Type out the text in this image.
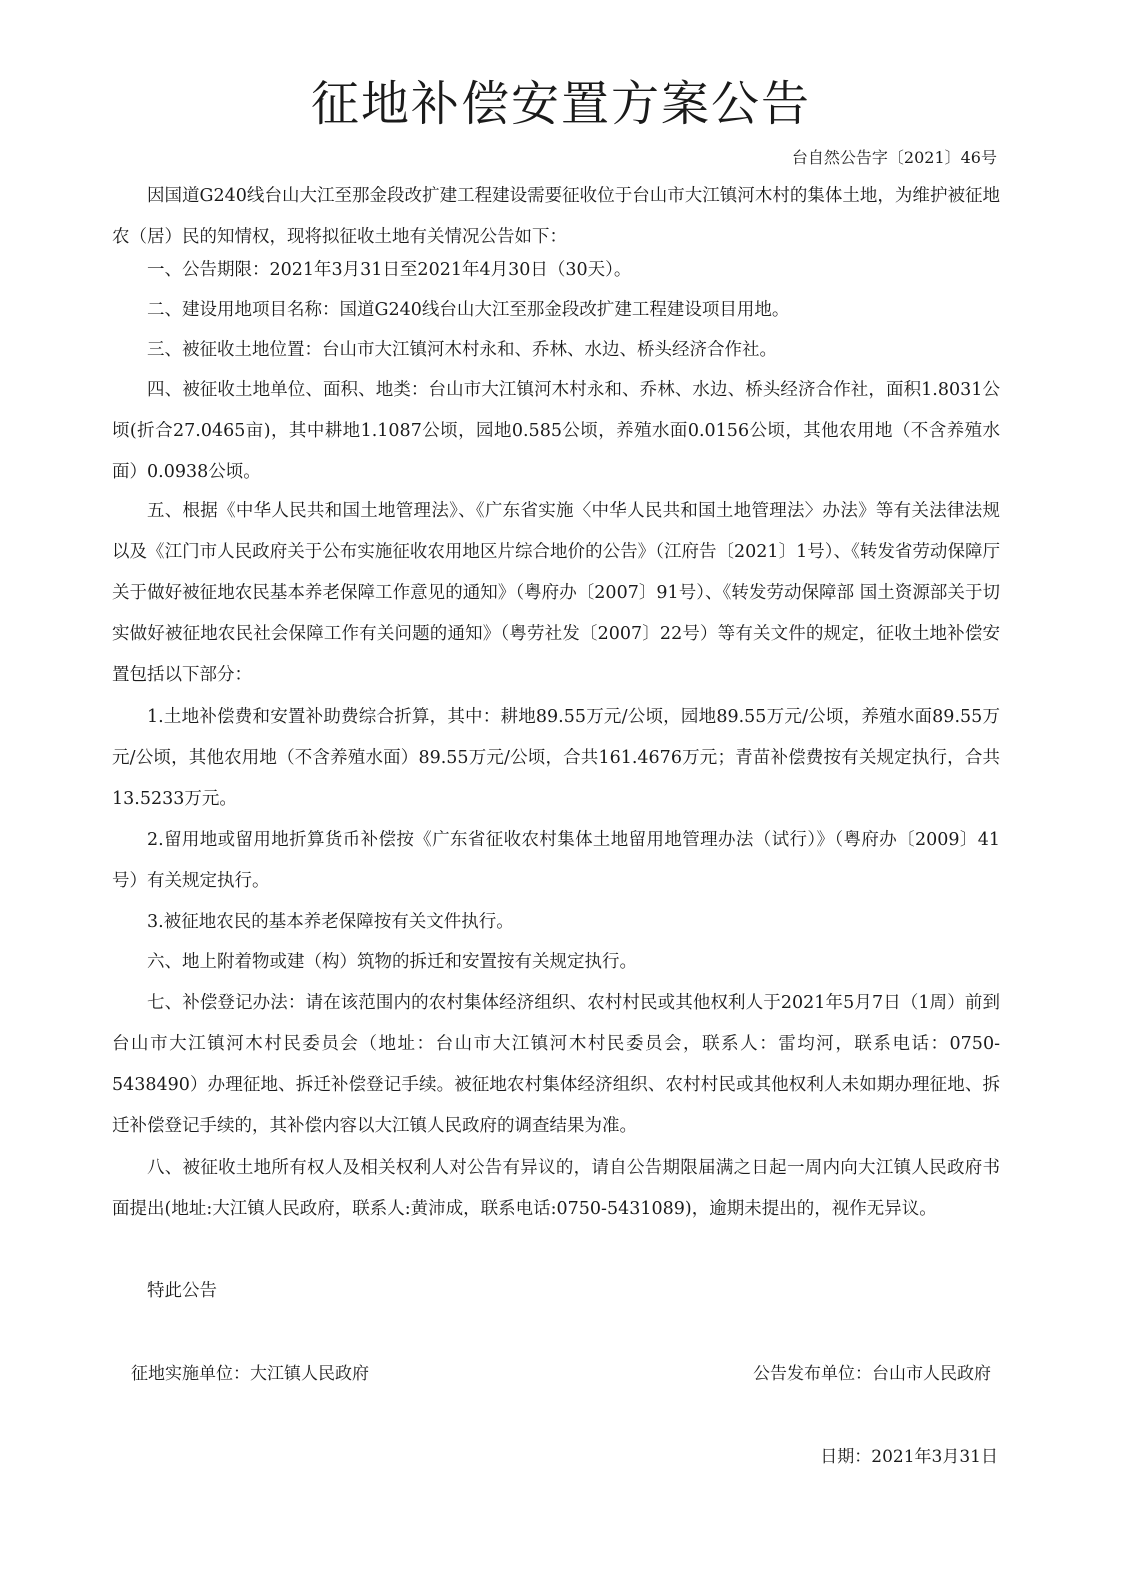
征地补偿安置方案公告
台自然公告字〔2021〕46号

因国道G240线台山大江至那金段改扩建工程建设需要征收位于台山市大江镇河木村的集体土地，为维护被征地农（居）民的知情权，现将拟征收土地有关情况公告如下：

一、公告期限：2021年3月31日至2021年4月30日（30天）。

二、建设用地项目名称：国道G240线台山大江至那金段改扩建工程建设项目用地。

三、被征收土地位置：台山市大江镇河木村永和、乔林、水边、桥头经济合作社。

四、被征收土地单位、面积、地类：台山市大江镇河木村永和、乔林、水边、桥头经济合作社，面积1.8031公顷(折合27.0465亩)，其中耕地1.1087公顷，园地0.585公顷，养殖水面0.0156公顷，其他农用地（不含养殖水面）0.0938公顷。

五、根据《中华人民共和国土地管理法》、《广东省实施〈中华人民共和国土地管理法〉办法》等有关法律法规以及《江门市人民政府关于公布实施征收农用地区片综合地价的公告》（江府告〔2021〕1号）、《转发省劳动保障厅关于做好被征地农民基本养老保障工作意见的通知》（粤府办〔2007〕91号）、《转发劳动保障部 国土资源部关于切实做好被征地农民社会保障工作有关问题的通知》（粤劳社发〔2007〕22号）等有关文件的规定，征收土地补偿安置包括以下部分：

1.土地补偿费和安置补助费综合折算，其中：耕地89.55万元/公顷，园地89.55万元/公顷，养殖水面89.55万元/公顷，其他农用地（不含养殖水面）89.55万元/公顷，合共161.4676万元；青苗补偿费按有关规定执行，合共13.5233万元。

2.留用地或留用地折算货币补偿按《广东省征收农村集体土地留用地管理办法（试行）》（粤府办〔2009〕41号）有关规定执行。

3.被征地农民的基本养老保障按有关文件执行。

六、地上附着物或建（构）筑物的拆迁和安置按有关规定执行。

七、补偿登记办法：请在该范围内的农村集体经济组织、农村村民或其他权利人于2021年5月7日（1周）前到台山市大江镇河木村民委员会（地址：台山市大江镇河木村民委员会，联系人：雷均河，联系电话：0750-5438490）办理征地、拆迁补偿登记手续。被征地农村集体经济组织、农村村民或其他权利人未如期办理征地、拆迁补偿登记手续的，其补偿内容以大江镇人民政府的调查结果为准。

八、被征收土地所有权人及相关权利人对公告有异议的，请自公告期限届满之日起一周内向大江镇人民政府书面提出(地址:大江镇人民政府，联系人:黄沛成，联系电话:0750-5431089)，逾期未提出的，视作无异议。

特此公告

征地实施单位：大江镇人民政府	公告发布单位：台山市人民政府
日期：2021年3月31日
